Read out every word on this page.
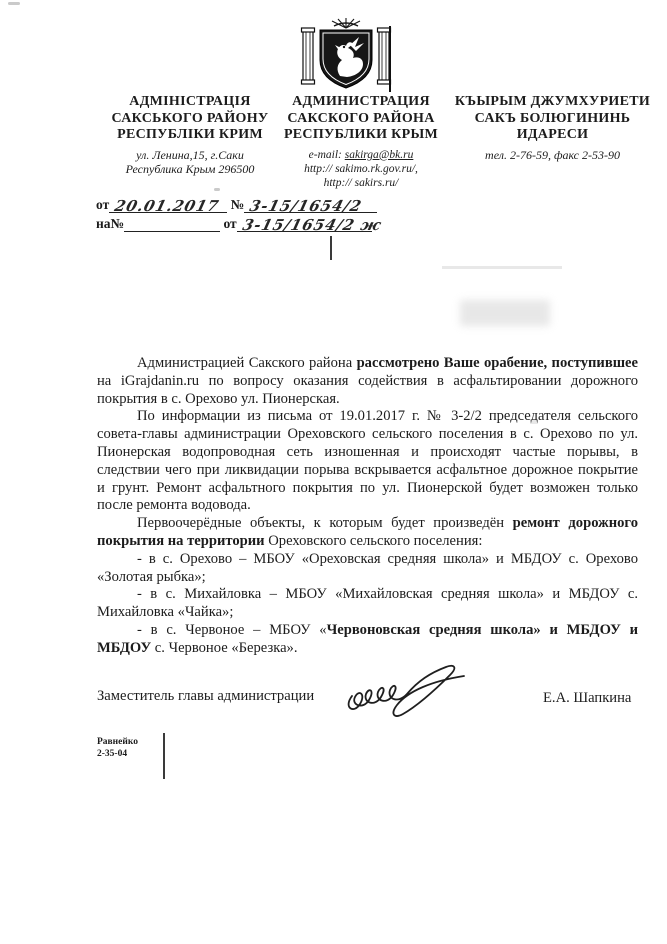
АДМІНІСТРАЦІЯ
САКСЬКОГО РАЙОНУ
РЕСПУБЛІКИ КРИМ
ул. Ленина,15, г.Саки
Республика Крым 296500
АДМИНИСТРАЦИЯ
САКСКОГО РАЙОНА
РЕСПУБЛИКИ КРЫМ
e-mail: sakirga@bk.ru
http:// sakimo.rk.gov.ru/,
http:// sakirs.ru/
КЪЫРЫМ ДЖУМХУРИЕТИ
САКЪ БОЛЮГИНИНЬ
ИДАРЕСИ
тел. 2-76-59, факс 2-53-90
от 20.01.2017 № 3-15/1654/2
на№	от 3-15/1654/2 ж

Администрацией Сакского района рассмотрено Ваше орабение, поступившее на iGrajdanin.ru по вопросу оказания содействия в асфальтировании дорожного покрытия в с. Орехово ул. Пионерская.

По информации из письма от 19.01.2017 г. № 3-2/2 председателя сельского совета-главы администрации Ореховского сельского поселения в с. Орехово по ул. Пионерская водопроводная сеть изношенная и происходят частые порывы, в следствии чего при ликвидации порыва вскрывается асфальтное дорожное покрытие и грунт. Ремонт асфальтного покрытия по ул. Пионерской будет возможен только после ремонта водовода.

Первоочерёдные объекты, к которым будет произведён ремонт дорожного покрытия на территории Ореховского сельского поселения:

- в с. Орехово – МБОУ «Ореховская средняя школа» и МБДОУ с. Орехово «Золотая рыбка»;

- в с. Михайловка – МБОУ «Михайловская средняя школа» и МБДОУ с. Михайловка «Чайка»;

- в с. Червоное – МБОУ «Червоновская средняя школа» и МБДОУ и МБДОУ с. Червоное «Березка».

Заместитель главы администрации	Е.А. Шапкина
Равнейко
2-35-04
